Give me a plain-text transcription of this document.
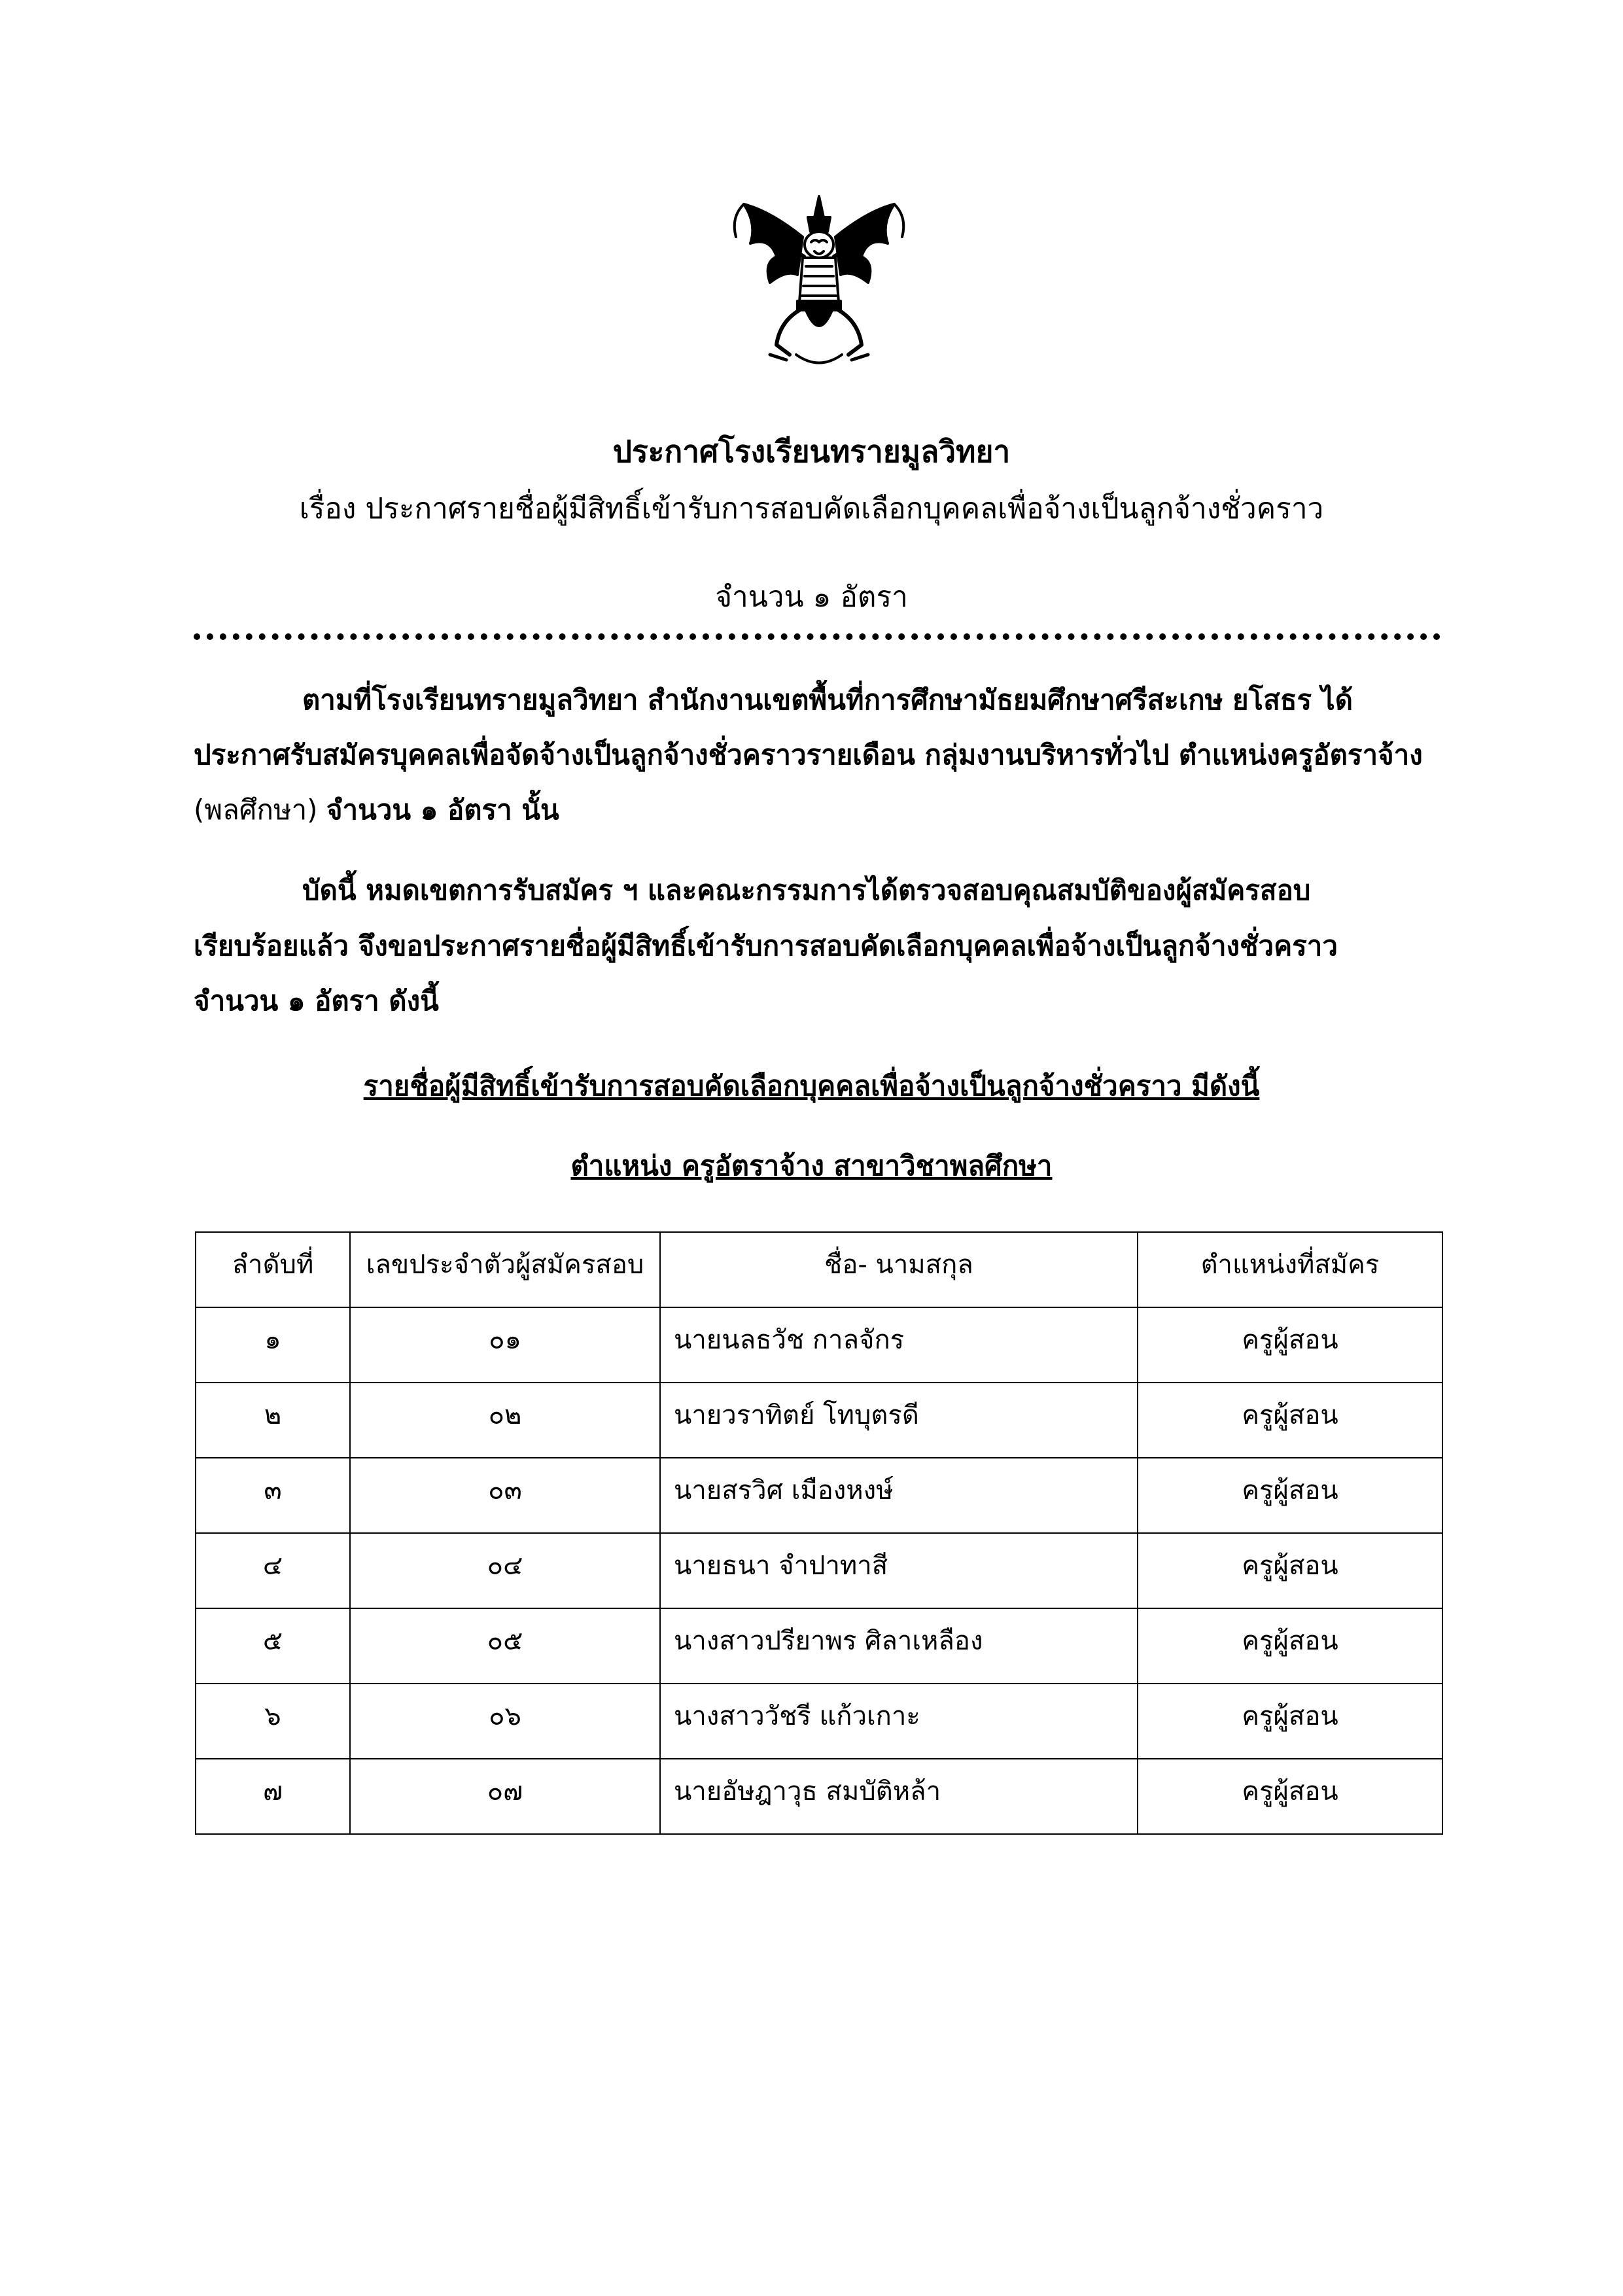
ประกาศโรงเรียนทรายมูลวิทยา
เรื่อง ประกาศรายชื่อผู้มีสิทธิ์เข้ารับการสอบคัดเลือกบุคคลเพื่อจ้างเป็นลูกจ้างชั่วคราว
จำนวน ๑ อัตรา
ตามที่โรงเรียนทรายมูลวิทยา สำนักงานเขตพื้นที่การศึกษามัธยมศึกษาศรีสะเกษ ยโสธร ได้
ประกาศรับสมัครบุคคลเพื่อจัดจ้างเป็นลูกจ้างชั่วคราวรายเดือน กลุ่มงานบริหารทั่วไป ตำแหน่งครูอัตราจ้าง
(พลศึกษา) จำนวน ๑ อัตรา นั้น
บัดนี้ หมดเขตการรับสมัคร ฯ และคณะกรรมการได้ตรวจสอบคุณสมบัติของผู้สมัครสอบ
เรียบร้อยแล้ว จึงขอประกาศรายชื่อผู้มีสิทธิ์เข้ารับการสอบคัดเลือกบุคคลเพื่อจ้างเป็นลูกจ้างชั่วคราว
จำนวน ๑ อัตรา ดังนี้
รายชื่อผู้มีสิทธิ์เข้ารับการสอบคัดเลือกบุคคลเพื่อจ้างเป็นลูกจ้างชั่วคราว มีดังนี้
ตำแหน่ง ครูอัตราจ้าง สาขาวิชาพลศึกษา
ลำดับที่	เลขประจำตัวผู้สมัครสอบ	ชื่อ- นามสกุล	ตำแหน่งที่สมัคร
๑	๐๑	นายนลธวัช กาลจักร	ครูผู้สอน
๒	๐๒	นายวราทิตย์ โทบุตรดี	ครูผู้สอน
๓	๐๓	นายสรวิศ เมืองหงษ์	ครูผู้สอน
๔	๐๔	นายธนา จำปาทาสี	ครูผู้สอน
๕	๐๕	นางสาวปรียาพร ศิลาเหลือง	ครูผู้สอน
๖	๐๖	นางสาววัชรี แก้วเกาะ	ครูผู้สอน
๗	๐๗	นายอัษฎาวุธ สมบัติหล้า	ครูผู้สอน
